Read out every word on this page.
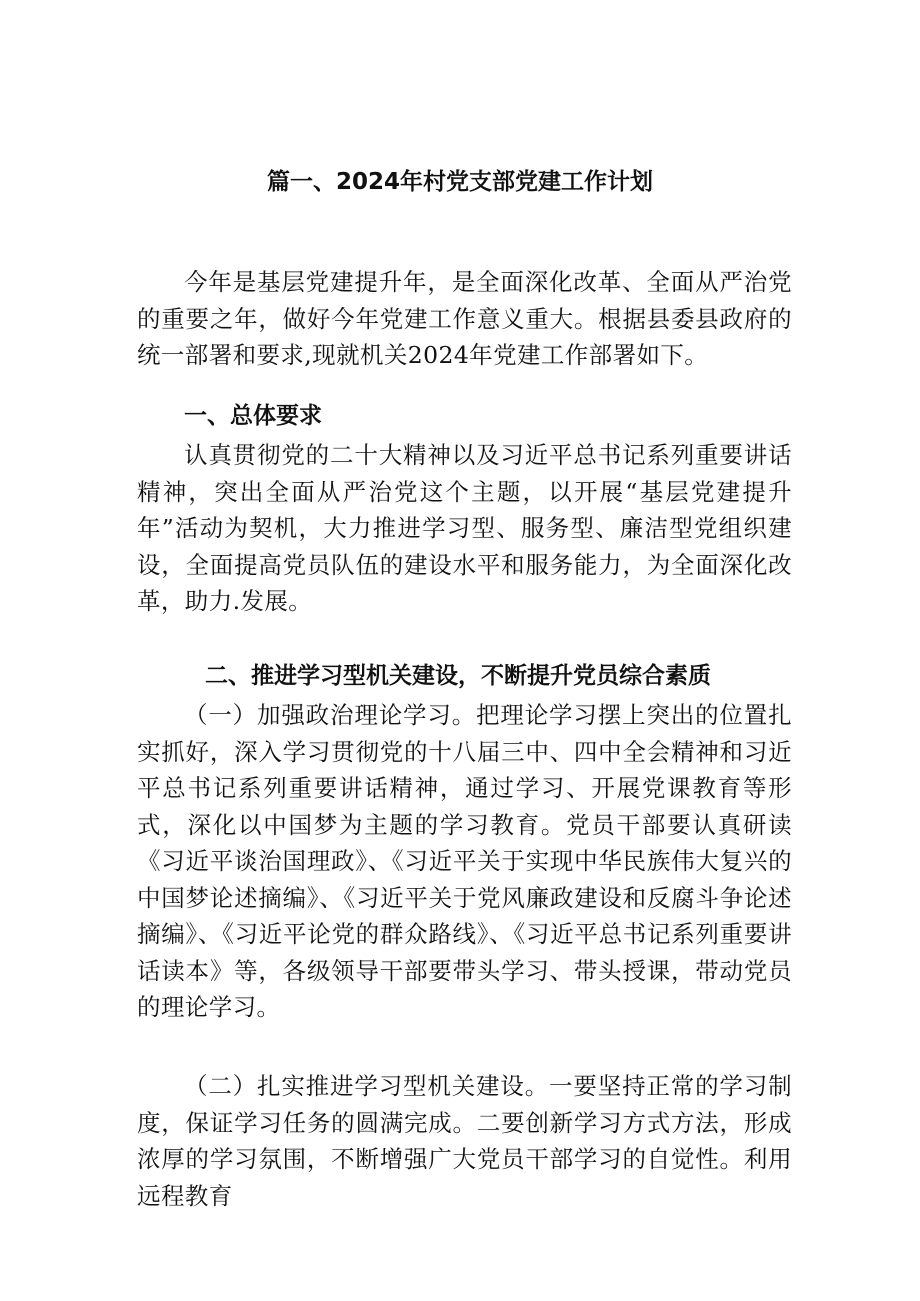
篇一、2024年村党支部党建工作计划
今年是基层党建提升年，是全面深化改革、全面从严治党的重要之年，做好今年党建工作意义重大。根据县委县政府的统一部署和要求,现就机关2024年党建工作部署如下。
一、总体要求
认真贯彻党的二十大精神以及习近平总书记系列重要讲话精神，突出全面从严治党这个主题，以开展“基层党建提升年”活动为契机，大力推进学习型、服务型、廉洁型党组织建设，全面提高党员队伍的建设水平和服务能力，为全面深化改革，助力.发展。
二、推进学习型机关建设，不断提升党员综合素质
（一）加强政治理论学习。把理论学习摆上突出的位置扎实抓好，深入学习贯彻党的十八届三中、四中全会精神和习近平总书记系列重要讲话精神，通过学习、开展党课教育等形式，深化以中国梦为主题的学习教育。党员干部要认真研读《习近平谈治国理政》、《习近平关于实现中华民族伟大复兴的中国梦论述摘编》、《习近平关于党风廉政建设和反腐斗争论述摘编》、《习近平论党的群众路线》、《习近平总书记系列重要讲话读本》等，各级领导干部要带头学习、带头授课，带动党员的理论学习。
（二）扎实推进学习型机关建设。一要坚持正常的学习制度，保证学习任务的圆满完成。二要创新学习方式方法，形成浓厚的学习氛围，不断增强广大党员干部学习的自觉性。利用远程教育
